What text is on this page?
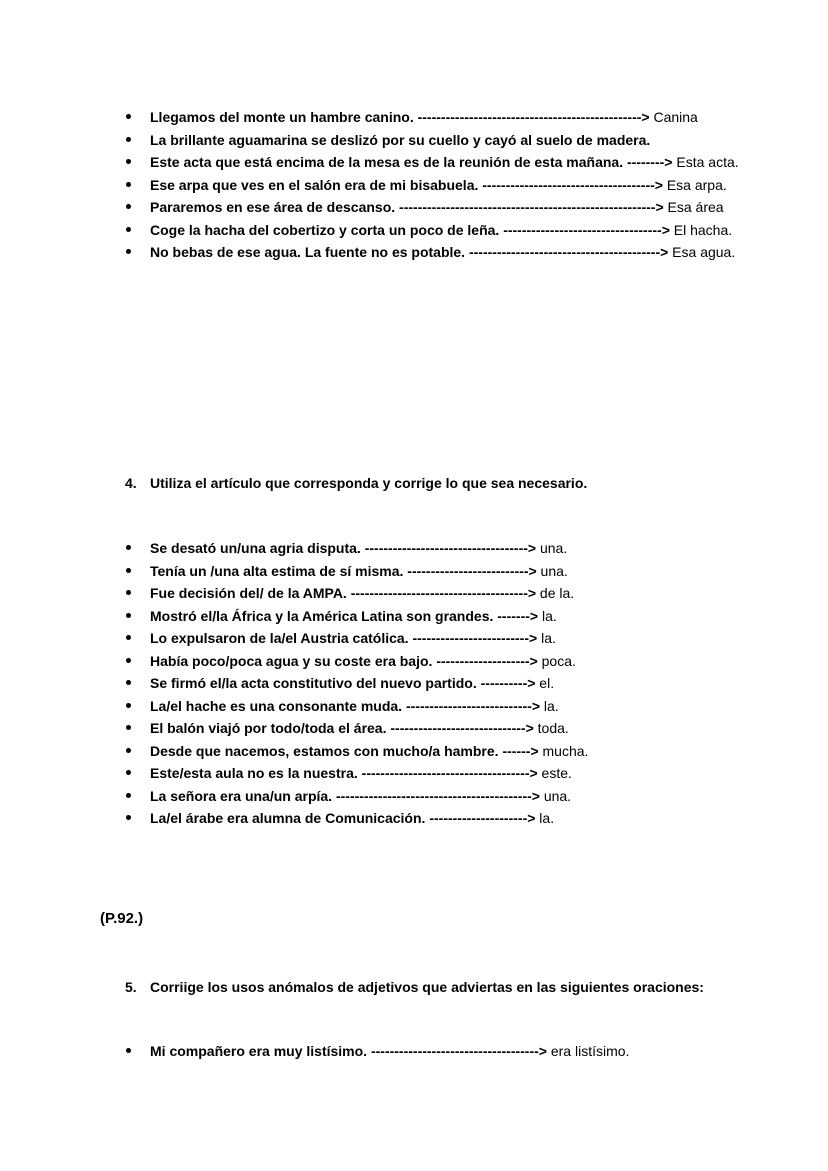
Llegamos del monte un hambre canino. ------------------------------------------------> Canina
La brillante aguamarina se deslizó por su cuello y cayó al suelo de madera.
Este acta que está encima de la mesa es de la reunión de esta mañana. --------> Esta acta.
Ese arpa que ves en el salón era de mi bisabuela. -------------------------------------> Esa arpa.
Pararemos en ese área de descanso. -------------------------------------------------------> Esa área
Coge la hacha del cobertizo y corta un poco de leña. ----------------------------------> El hacha.
No bebas de ese agua. La fuente no es potable. -----------------------------------------> Esa agua.
4. Utiliza el artículo que corresponda y corrige lo que sea necesario.
Se desató un/una agria disputa. -----------------------------------> una.
Tenía un /una alta estima de sí misma. --------------------------> una.
Fue decisión del/ de la AMPA. --------------------------------------> de la.
Mostró el/la África y la América Latina son grandes. -------> la.
Lo expulsaron de la/el Austria católica. -------------------------> la.
Había poco/poca agua y su coste era bajo. --------------------> poca.
Se firmó el/la acta constitutivo del nuevo partido. ----------> el.
La/el hache es una consonante muda. ---------------------------> la.
El balón viajó por todo/toda el área. -----------------------------> toda.
Desde que nacemos, estamos con mucho/a hambre. ------> mucha.
Este/esta aula no es la nuestra. ------------------------------------> este.
La señora era una/un arpía. ------------------------------------------> una.
La/el árabe era alumna de Comunicación. ---------------------> la.
(P.92.)
5. Corriige los usos anómalos de adjetivos que adviertas en las siguientes oraciones:
Mi compañero era muy listísimo. ------------------------------------> era listísimo.
